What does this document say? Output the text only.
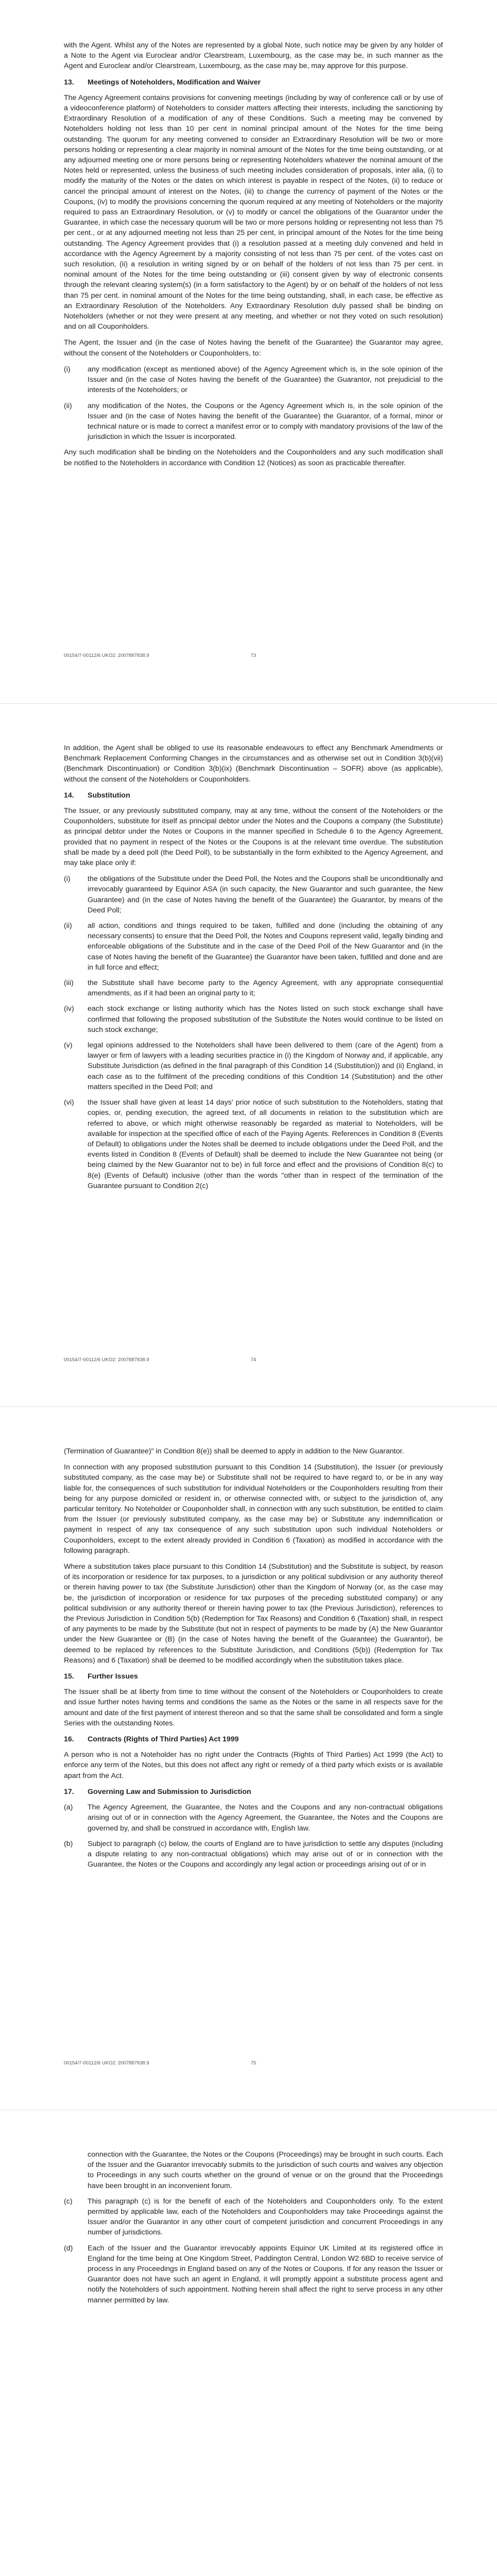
with the Agent. Whilst any of the Notes are represented by a global Note, such notice may be given by any holder of a Note to the Agent via Euroclear and/or Clearstream, Luxembourg, as the case may be, in such manner as the Agent and Euroclear and/or Clearstream, Luxembourg, as the case may be, may approve for this purpose.

13.	Meetings of Noteholders, Modification and Waiver

The Agency Agreement contains provisions for convening meetings (including by way of conference call or by use of a videoconference platform) of Noteholders to consider matters affecting their interests, including the sanctioning by Extraordinary Resolution of a modification of any of these Conditions. Such a meeting may be convened by Noteholders holding not less than 10 per cent in nominal principal amount of the Notes for the time being outstanding. The quorum for any meeting convened to consider an Extraordinary Resolution will be two or more persons holding or representing a clear majority in nominal amount of the Notes for the time being outstanding, or at any adjourned meeting one or more persons being or representing Noteholders whatever the nominal amount of the Notes held or represented, unless the business of such meeting includes consideration of proposals, inter alia, (i) to modify the maturity of the Notes or the dates on which interest is payable in respect of the Notes, (ii) to reduce or cancel the principal amount of interest on the Notes, (iii) to change the currency of payment of the Notes or the Coupons, (iv) to modify the provisions concerning the quorum required at any meeting of Noteholders or the majority required to pass an Extraordinary Resolution, or (v) to modify or cancel the obligations of the Guarantor under the Guarantee, in which case the necessary quorum will be two or more persons holding or representing not less than 75 per cent., or at any adjourned meeting not less than 25 per cent, in principal amount of the Notes for the time being outstanding. The Agency Agreement provides that (i) a resolution passed at a meeting duly convened and held in accordance with the Agency Agreement by a majority consisting of not less than 75 per cent. of the votes cast on such resolution, (ii) a resolution in writing signed by or on behalf of the holders of not less than 75 per cent. in nominal amount of the Notes for the time being outstanding or (iii) consent given by way of electronic consents through the relevant clearing system(s) (in a form satisfactory to the Agent) by or on behalf of the holders of not less than 75 per cent. in nominal amount of the Notes for the time being outstanding, shall, in each case, be effective as an Extraordinary Resolution of the Noteholders. Any Extraordinary Resolution duly passed shall be binding on Noteholders (whether or not they were present at any meeting, and whether or not they voted on such resolution) and on all Couponholders.

The Agent, the Issuer and (in the case of Notes having the benefit of the Guarantee) the Guarantor may agree, without the consent of the Noteholders or Couponholders, to:

(i)	any modification (except as mentioned above) of the Agency Agreement which is, in the sole opinion of the Issuer and (in the case of Notes having the benefit of the Guarantee) the Guarantor, not prejudicial to the interests of the Noteholders; or
(ii)	any modification of the Notes, the Coupons or the Agency Agreement which is, in the sole opinion of the Issuer and (in the case of Notes having the benefit of the Guarantee) the Guarantor, of a formal, minor or technical nature or is made to correct a manifest error or to comply with mandatory provisions of the law of the jurisdiction in which the Issuer is incorporated.

Any such modification shall be binding on the Noteholders and the Couponholders and any such modification shall be notified to the Noteholders in accordance with Condition 12 (Notices) as soon as practicable thereafter.

00154/7-00112/6 UKO2: 2007887838.9	73

In addition, the Agent shall be obliged to use its reasonable endeavours to effect any Benchmark Amendments or Benchmark Replacement Conforming Changes in the circumstances and as otherwise set out in Condition 3(b)(vii) (Benchmark Discontinuation) or Condition 3(b)(ix) (Benchmark Discontinuation – SOFR) above (as applicable), without the consent of the Noteholders or Couponholders.

14.	Substitution

The Issuer, or any previously substituted company, may at any time, without the consent of the Noteholders or the Couponholders, substitute for itself as principal debtor under the Notes and the Coupons a company (the Substitute) as principal debtor under the Notes or Coupons in the manner specified in Schedule 6 to the Agency Agreement, provided that no payment in respect of the Notes or the Coupons is at the relevant time overdue. The substitution shall be made by a deed poll (the Deed Poll), to be substantially in the form exhibited to the Agency Agreement, and may take place only if:

(i)	the obligations of the Substitute under the Deed Poll, the Notes and the Coupons shall be unconditionally and irrevocably guaranteed by Equinor ASA (in such capacity, the New Guarantor and such guarantee, the New Guarantee) and (in the case of Notes having the benefit of the Guarantee) the Guarantor, by means of the Deed Poll;
(ii)	all action, conditions and things required to be taken, fulfilled and done (including the obtaining of any necessary consents) to ensure that the Deed Poll, the Notes and Coupons represent valid, legally binding and enforceable obligations of the Substitute and in the case of the Deed Poll of the New Guarantor and (in the case of Notes having the benefit of the Guarantee) the Guarantor have been taken, fulfilled and done and are in full force and effect;
(iii)	the Substitute shall have become party to the Agency Agreement, with any appropriate consequential amendments, as if it had been an original party to it;
(iv)	each stock exchange or listing authority which has the Notes listed on such stock exchange shall have confirmed that following the proposed substitution of the Substitute the Notes would continue to be listed on such stock exchange;
(v)	legal opinions addressed to the Noteholders shall have been delivered to them (care of the Agent) from a lawyer or firm of lawyers with a leading securities practice in (i) the Kingdom of Norway and, if applicable, any Substitute Jurisdiction (as defined in the final paragraph of this Condition 14 (Substitution)) and (ii) England, in each case as to the fulfilment of the preceding conditions of this Condition 14 (Substitution) and the other matters specified in the Deed Poll; and
(vi)	the Issuer shall have given at least 14 days' prior notice of such substitution to the Noteholders, stating that copies, or, pending execution, the agreed text, of all documents in relation to the substitution which are referred to above, or which might otherwise reasonably be regarded as material to Noteholders, will be available for inspection at the specified office of each of the Paying Agents. References in Condition 8 (Events of Default) to obligations under the Notes shall be deemed to include obligations under the Deed Poll, and the events listed in Condition 8 (Events of Default) shall be deemed to include the New Guarantee not being (or being claimed by the New Guarantor not to be) in full force and effect and the provisions of Condition 8(c) to 8(e) (Events of Default) inclusive (other than the words "other than in respect of the termination of the Guarantee pursuant to Condition 2(c)
00154/7-00112/6 UKO2: 2007887838.9	74

(Termination of Guarantee)" in Condition 8(e)) shall be deemed to apply in addition to the New Guarantor.

In connection with any proposed substitution pursuant to this Condition 14 (Substitution), the Issuer (or previously substituted company, as the case may be) or Substitute shall not be required to have regard to, or be in any way liable for, the consequences of such substitution for individual Noteholders or the Couponholders resulting from their being for any purpose domiciled or resident in, or otherwise connected with, or subject to the jurisdiction of, any particular territory. No Noteholder or Couponholder shall, in connection with any such substitution, be entitled to claim from the Issuer (or previously substituted company, as the case may be) or Substitute any indemnification or payment in respect of any tax consequence of any such substitution upon such individual Noteholders or Couponholders, except to the extent already provided in Condition 6 (Taxation) as modified in accordance with the following paragraph.

Where a substitution takes place pursuant to this Condition 14 (Substitution) and the Substitute is subject, by reason of its incorporation or residence for tax purposes, to a jurisdiction or any political subdivision or any authority thereof or therein having power to tax (the Substitute Jurisdiction) other than the Kingdom of Norway (or, as the case may be, the jurisdiction of incorporation or residence for tax purposes of the preceding substituted company) or any political subdivision or any authority thereof or therein having power to tax (the Previous Jurisdiction), references to the Previous Jurisdiction in Condition 5(b) (Redemption for Tax Reasons) and Condition 6 (Taxation) shall, in respect of any payments to be made by the Substitute (but not in respect of payments to be made by (A) the New Guarantor under the New Guarantee or (B) (in the case of Notes having the benefit of the Guarantee) the Guarantor), be deemed to be replaced by references to the Substitute Jurisdiction, and Conditions (5(b)) (Redemption for Tax Reasons) and 6 (Taxation) shall be deemed to be modified accordingly when the substitution takes place.

15.	Further Issues

The Issuer shall be at liberty from time to time without the consent of the Noteholders or Couponholders to create and issue further notes having terms and conditions the same as the Notes or the same in all respects save for the amount and date of the first payment of interest thereon and so that the same shall be consolidated and form a single Series with the outstanding Notes.

16.	Contracts (Rights of Third Parties) Act 1999

A person who is not a Noteholder has no right under the Contracts (Rights of Third Parties) Act 1999 (the Act) to enforce any term of the Notes, but this does not affect any right or remedy of a third party which exists or is available apart from the Act.

17.	Governing Law and Submission to Jurisdiction
(a)	The Agency Agreement, the Guarantee, the Notes and the Coupons and any non-contractual obligations arising out of or in connection with the Agency Agreement, the Guarantee, the Notes and the Coupons are governed by, and shall be construed in accordance with, English law.
(b)	Subject to paragraph (c) below, the courts of England are to have jurisdiction to settle any disputes (including a dispute relating to any non-contractual obligations) which may arise out of or in connection with the Guarantee, the Notes or the Coupons and accordingly any legal action or proceedings arising out of or in
00154/7-00112/6 UKO2: 2007887838.9	75
connection with the Guarantee, the Notes or the Coupons (Proceedings) may be brought in such courts. Each of the Issuer and the Guarantor irrevocably submits to the jurisdiction of such courts and waives any objection to Proceedings in any such courts whether on the ground of venue or on the ground that the Proceedings have been brought in an inconvenient forum.
(c)	This paragraph (c) is for the benefit of each of the Noteholders and Couponholders only. To the extent permitted by applicable law, each of the Noteholders and Couponholders may take Proceedings against the Issuer and/or the Guarantor in any other court of competent jurisdiction and concurrent Proceedings in any number of jurisdictions.
(d)	Each of the Issuer and the Guarantor irrevocably appoints Equinor UK Limited at its registered office in England for the time being at One Kingdom Street, Paddington Central, London W2 6BD to receive service of process in any Proceedings in England based on any of the Notes or Coupons. If for any reason the Issuer or Guarantor does not have such an agent in England, it will promptly appoint a substitute process agent and notify the Noteholders of such appointment. Nothing herein shall affect the right to serve process in any other manner permitted by law.
